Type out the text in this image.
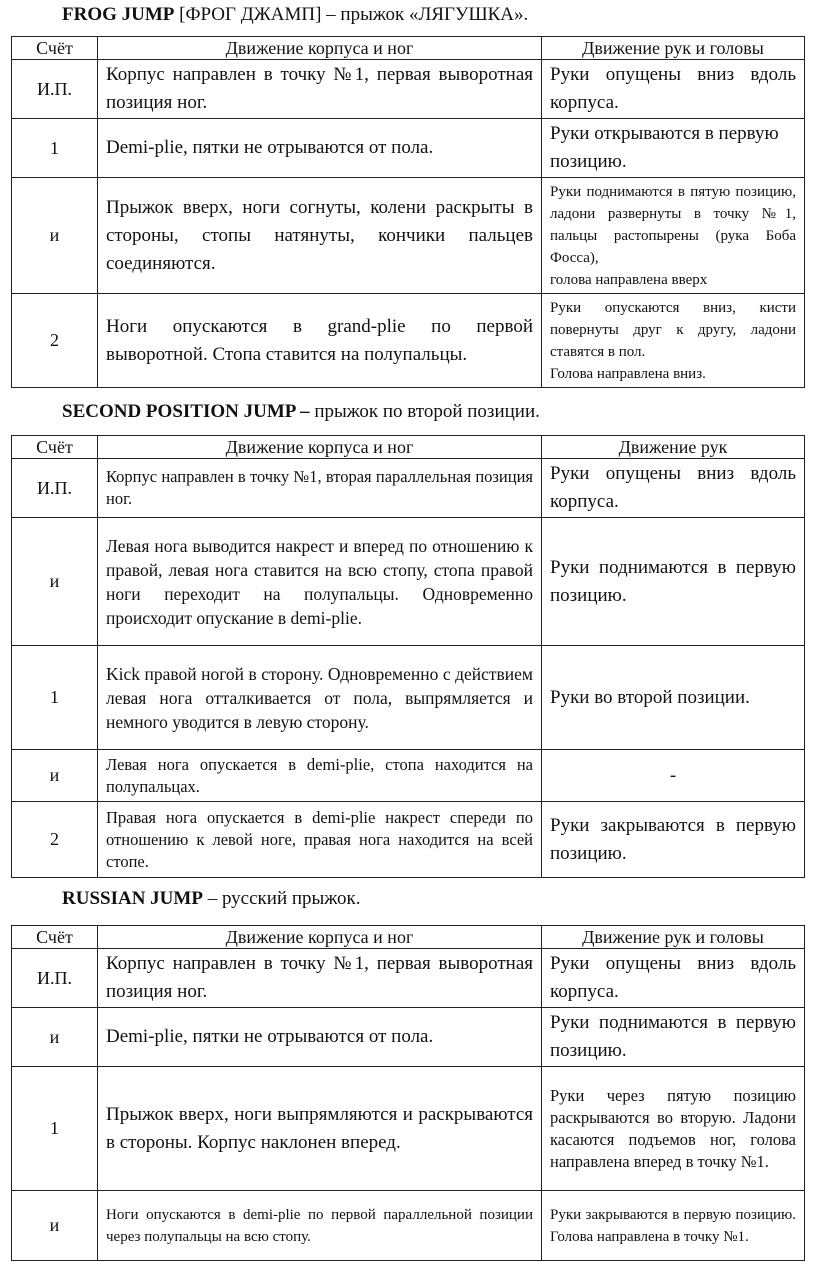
FROG JUMP [ФРОГ ДЖАМП] – прыжок «ЛЯГУШКА».
Счёт	Движение корпуса и ног	Движение рук и головы
И.П.	Корпус направлен в точку №1, первая выворотная позиция ног.	Руки опущены вниз вдоль корпуса.
1	Demi-plie, пятки не отрываются от пола.	Руки открываются в первую позицию.
и	Прыжок вверх, ноги согнуты, колени раскрыты в стороны, стопы натянуты, кончики пальцев соединяются.	Руки поднимаются в пятую позицию, ладони развернуты в точку №1, пальцы растопырены (рука Боба Фосса),
голова направлена вверх

2	Ноги опускаются в grand-plie по первой выворотной. Стопа ставится на полупальцы.	Руки опускаются вниз, кисти повернуты друг к другу, ладони ставятся в пол.
Голова направлена вниз.
SECOND POSITION JUMP – прыжок по второй позиции.
Счёт	Движение корпуса и ног	Движение рук
И.П.	Корпус направлен в точку №1, вторая параллельная позиция ног.	Руки опущены вниз вдоль корпуса.
и	Левая нога выводится накрест и вперед по отношению к правой, левая нога ставится на всю стопу, стопа правой ноги переходит на полупальцы. Одновременно происходит опускание в demi-plie.	Руки поднимаются в первую позицию.
1	Kick правой ногой в сторону. Одновременно с действием левая нога отталкивается от пола, выпрямляется и немного уводится в левую сторону.	Руки во второй позиции.
и	Левая нога опускается в demi-plie, стопа находится на полупальцах.	-
2	Правая нога опускается в demi-plie накрест спереди по отношению к левой ноге, правая нога находится на всей стопе.	Руки закрываются в первую позицию.
RUSSIAN JUMP – русский прыжок.
Счёт	Движение корпуса и ног	Движение рук и головы
И.П.	Корпус направлен в точку №1, первая выворотная позиция ног.	Руки опущены вниз вдоль корпуса.
и	Demi-plie, пятки не отрываются от пола.	Руки поднимаются в первую позицию.
1	Прыжок вверх, ноги выпрямляются и раскрываются в стороны. Корпус наклонен вперед.	Руки через пятую позицию раскрываются во вторую. Ладони касаются подъемов ног, голова направлена вперед в точку №1.
и	Ноги опускаются в demi-plie по первой параллельной позиции через полупальцы на всю стопу.	Руки закрываются в первую позицию. Голова направлена в точку №1.
